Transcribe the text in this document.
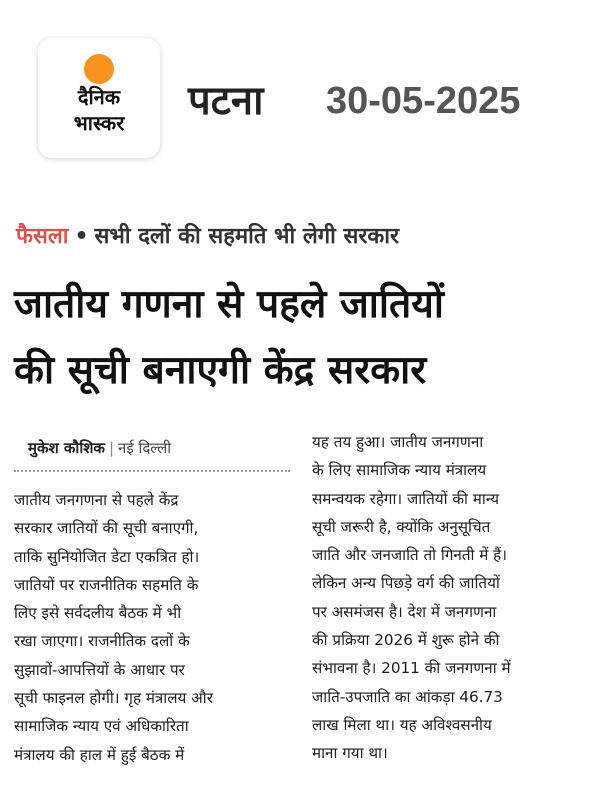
दैनिक
भास्कर	पटना 30-05-2025
फैसला • सभी दलों की सहमति भी लेगी सरकार
जातीय गणना से पहले जातियों
की सूची बनाएगी केंद्र सरकार
मुकेश कौशिक | नई दिल्ली
जातीय जनगणना से पहले केंद्र
सरकार जातियों की सूची बनाएगी,
ताकि सुनियोजित डेटा एकत्रित हो।
जातियों पर राजनीतिक सहमति के
लिए इसे सर्वदलीय बैठक में भी
रखा जाएगा। राजनीतिक दलों के
सुझावों-आपत्तियों के आधार पर
सूची फाइनल होगी। गृह मंत्रालय और
सामाजिक न्याय एवं अधिकारिता
मंत्रालय की हाल में हुई बैठक में
यह तय हुआ। जातीय जनगणना
के लिए सामाजिक न्याय मंत्रालय
समन्वयक रहेगा। जातियों की मान्य
सूची जरूरी है, क्योंकि अनुसूचित
जाति और जनजाति तो गिनती में हैं।
लेकिन अन्य पिछड़े वर्ग की जातियों
पर असमंजस है। देश में जनगणना
की प्रक्रिया 2026 में शुरू होने की
संभावना है। 2011 की जनगणना में
जाति-उपजाति का आंकड़ा 46.73
लाख मिला था। यह अविश्वसनीय
माना गया था।
